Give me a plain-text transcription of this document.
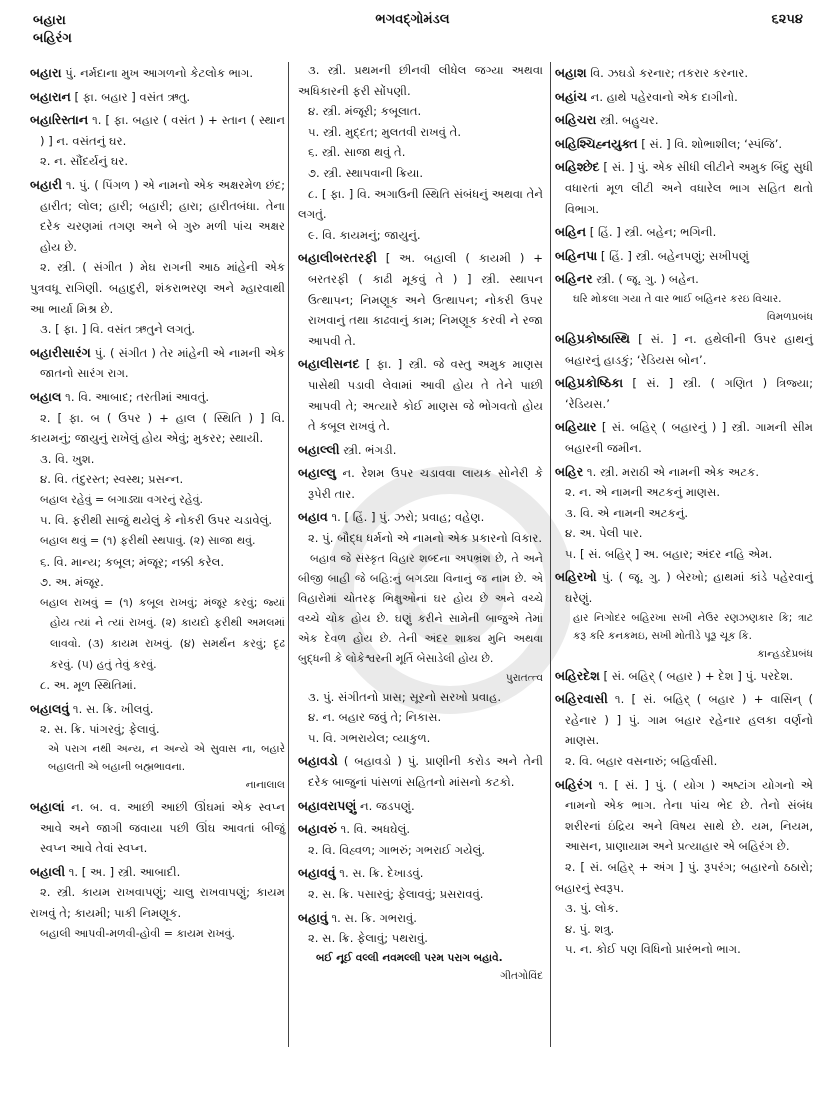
બહારા
બહિરંગ
ભગવદ્ગોમંડલ	૬૨૫૪
બહારા પું. નર્મદાના મુખ આગળનો કેટલોક ભાગ.
બહારાન [ ફા. બહાર ] વસંત ઋતુ.
બહારિસ્તાન ૧. [ ફા. બહાર ( વસંત ) + સ્તાન ( સ્થાન ) ] ન. વસંતનું ઘર.
૨. ન. સૌંદર્યનું ઘર.
બહારી ૧. પું. ( પિંગળ ) એ નામનો એક અક્ષરમેળ છંદ; હારીત; લોલ; હારી; બહારી; હારા; હારીતબંધા. તેના દરેક ચરણમાં તગણ અને બે ગુરુ મળી પાંચ અક્ષર હોય છે.
૨. સ્ત્રી. ( સંગીત ) મેઘ રાગની આઠ માંહેની એક પુત્રવધૂ રાગિણી. બહાદુરી, શંકરાભરણ અને મ્હારવાથી આ ભાર્યા મિશ્ર છે.
૩. [ ફા. ] વિ. વસંત ઋતુને લગતું.
બહારીસારંગ પું. ( સંગીત ) તેર માંહેની એ નામની એક જાતનો સારંગ રાગ.
બહાલ ૧. વિ. આબાદ; તરતીમાં આવતું.
૨. [ ફા. બ ( ઉપર ) + હાલ ( સ્થિતિ ) ] વિ. કાયમનું; જાયુનું રાખેલું હોય એવું; મુકરર; સ્થાયી.
૩. વિ. ખુશ.
૪. વિ. તંદુરસ્ત; સ્વસ્થ; પ્રસન્ન.
બહાલ રહેવું = બગાડ્યા વગરનું રહેવું.
૫. વિ. ફરીથી સાજું થયેલું કે નોકરી ઉપર ચડાવેલું.
બહાલ થવું = (૧) ફરીથી સ્થપાવું. (૨) સાજા થવું.
૬. વિ. માન્ય; કબૂલ; મંજૂર; નક્કી કરેલ.
૭. અ. મંજૂર.
બહાલ રાખવું = (૧) કબૂલ રાખવું; મંજૂર કરવું; જ્યાં હોય ત્યાં ને ત્યાં રાખવું. (૨) કાયદો ફરીથી અમલમાં લાવવો. (૩) કાયમ રાખવું. (૪) સમર્થન કરવું; દૃઢ કરવું. (૫) હતું તેવું કરવું.
૮. અ. મૂળ સ્થિતિમાં.
બહાલવું ૧. સ. ક્રિ. ખીલવું.
૨. સ. ક્રિ. પાંગરવું; ફેલાવું.
એ પરાગ નથી અન્ય, ન અન્યે એ સુવાસ ના, બહારે બહાલતી એ બહાની બહ્મભાવના.
નાનાલાલ
બહાલાં ન. બ. વ. આછી આછી ઊંઘમાં એક સ્વપ્ન આવે અને જાગી જવાયા પછી ઊંઘ આવતાં બીજું સ્વપ્ન આવે તેવાં સ્વપ્ન.
બહાલી ૧. [ અ. ] સ્ત્રી. આબાદી.
૨. સ્ત્રી. કાયમ રાખવાપણું; ચાલુ રાખવાપણું; કાયમ રાખવું તે; કાયમી; પાકી નિમણૂક.
બહાલી આપવી-મળવી-હોવી = કાયમ રાખવું.
૩. સ્ત્રી. પ્રથમની છીનવી લીધેલ જગ્યા અથવા અધિકારની ફરી સોંપણી.
૪. સ્ત્રી. મંજૂરી; કબૂલાત.
૫. સ્ત્રી. મુદ્દત; મુલતવી રાખવું તે.
૬. સ્ત્રી. સાજા થવું તે.
૭. સ્ત્રી. સ્થાપવાની ક્રિયા.
૮. [ ફા. ] વિ. અગાઉની સ્થિતિ સંબંધનું અથવા તેને લગતું.
૯. વિ. કાયમનું; જાયુનું.
બહાલીબરતરફી [ અ. બહાલી ( કાયમી ) + બરતરફી ( કાઢી મૂકવું તે ) ] સ્ત્રી. સ્થાપન ઉત્થાપન; નિમણૂક અને ઉત્થાપન; નોકરી ઉપર રાખવાનું તથા કાઢવાનું કામ; નિમણૂક કરવી ને રજા આપવી તે.
બહાલીસનદ [ ફા. ] સ્ત્રી. જે વસ્તુ અમુક માણસ પાસેથી પડાવી લેવામાં આવી હોય તે તેને પાછી આપવી તે; અત્યારે કોઈ માણસ જે ભોગવતો હોય તે કબૂલ રાખવું તે.
બહાલ્લી સ્ત્રી. ભંગડી.
બહાલ્લુ ન. રેશમ ઉપર ચડાવવા લાયક સોનેરી કે રૂપેરી તાર.
બહાવ ૧. [ હિં. ] પું. ઝરો; પ્રવાહ; વહેણ.
૨. પું. બૌદ્ધ ધર્મનો એ નામનો એક પ્રકારનો વિકાર.
બહાવ જે સંસ્કૃત વિહાર શબ્દના અપભ્રંશ છે, તે અને બીજી બાહી જે બહિ:નું બગડ્યા વિનાનું જ નામ છે. એ વિહારોમાં ચોતરફ ભિક્ષુઓનાં ઘર હોય છે અને વચ્ચે વચ્ચે ચોક હોય છે. ઘણું કરીને સામેની બાજુએ તેમાં એક દેવળ હોય છે. તેની અંદર શાક્ય મુનિ અથવા બુદ્ધની કે લોકેશ્વરની મૂર્તિ બેસાડેલી હોય છે.
પુરાતત્ત્વ
૩. પું. સંગીતનો પ્રાસ; સૂરનો સરખો પ્રવાહ.
૪. ન. બહાર જવું તે; નિકાસ.
૫. વિ. ગભરાયેલ; વ્યાકુળ.
બહાવડો ( બહાવડો ) પું. પ્રાણીની કરોડ અને તેની દરેક બાજુનાં પાંસળાં સહિતનો માંસનો કટકો.
બહાવરાપણું ન. જડપણું.
બહાવરું ૧. વિ. અધઘેલું.
૨. વિ. વિહ્વળ; ગાભરું; ગભરાઈ ગયેલું.
બહાવવું ૧. સ. ક્રિ. દેખાડવું.
૨. સ. ક્રિ. પસારવું; ફેલાવવું; પ્રસરાવવું.
બહાવું ૧. સ. ક્રિ. ગભરાવું.
૨. સ. ક્રિ. ફેલાવું; પથરાવું.
બઈ નૂઈ વલ્લી નવમલ્લી પરમ પરાગ બહાવે.
ગીતગોવિંદ
બહાશ વિ. ઝઘડો કરનાર; તકરાર કરનાર.
બહાંચ ન. હાથે પહેરવાનો એક દાગીનો.
બહિચરા સ્ત્રી. બહુચર.
બહિશ્ચિહ્નયુક્ત [ સં. ] વિ. શોભાશીલ; ‘સ્પંજિ’.
બહિશ્છેદ [ સં. ] પું. એક સીધી લીટીને અમુક બિંદુ સુધી વધારતાં મૂળ લીટી અને વધારેલ ભાગ સહિત થતો વિભાગ.
બહિન [ હિં. ] સ્ત્રી. બહેન; ભગિની.
બહિનપા [ હિં. ] સ્ત્રી. બહેનપણું; સખીપણું
બહિનર સ્ત્રી. ( જૂ. ગુ. ) બહેન.
ઘરિ મોકલા ગયા તે વાર ભાઈ બહિનર કરઇ વિચાર.
વિમળપ્રબંધ
બહિપ્રકોષ્ઠાસ્થિ [ સં. ] ન. હથેલીની ઉપર હાથનું બહારનું હાડકું; ‘રેડિયસ બોન’.
બહિપ્રકોષ્ઠિકા [ સં. ] સ્ત્રી. ( ગણિત ) ત્રિજ્યા; ‘રેડિયસ.’
બહિયાર [ સં. બહિર્ ( બહારનું ) ] સ્ત્રી. ગામની સીમ બહારની જમીન.
બહિર ૧. સ્ત્રી. મરાઠી એ નામની એક અટક.
૨. ન. એ નામની અટકનું માણસ.
૩. વિ. એ નામની અટકનું.
૪. અ. પેલી પાર.
૫. [ સં. બહિર્ ] અ. બહાર; અંદર નહિ એમ.
બહિરખો પું. ( જૂ. ગુ. ) બેરખો; હાથમાં કાંડે પહેરવાનું ઘરેણું.
હાર નિગોદર બહિરખા સખી નેઉર રણઝણકાર કિ; ત્રાટ કરૂ કરિ કનકમઇ, સખી મોતીડે પૂરૂ ચૂક કિ.
કાન્હડદેપ્રબંધ
બહિરદેશ [ સં. બહિર્ ( બહાર ) + દેશ ] પું. પરદેશ.
બહિરવાસી ૧. [ સં. બહિર્ ( બહાર ) + વાસિન્ ( રહેનાર ) ] પું. ગામ બહાર રહેનાર હલકા વર્ણનો માણસ.
૨. વિ. બહાર વસનારું; બહિર્વાસી.
બહિરંગ ૧. [ સં. ] પું. ( યોગ ) અષ્ટાંગ યોગનો એ નામનો એક ભાગ. તેના પાંચ ભેદ છે. તેનો સંબંધ શરીરનાં ઇંદ્રિય અને વિષય સાથે છે. યમ, નિયમ, આસન, પ્રાણાયામ અને પ્રત્યાહાર એ બહિરંગ છે.
૨. [ સં. બહિર્ + અંગ ] પું. રૂપરંગ; બહારનો ઠઠારો; બહારનું સ્વરૂપ.
૩. પું. લોક.
૪. પું. શત્રુ.
૫. ન. કોઈ પણ વિધિનો પ્રારંભનો ભાગ.
